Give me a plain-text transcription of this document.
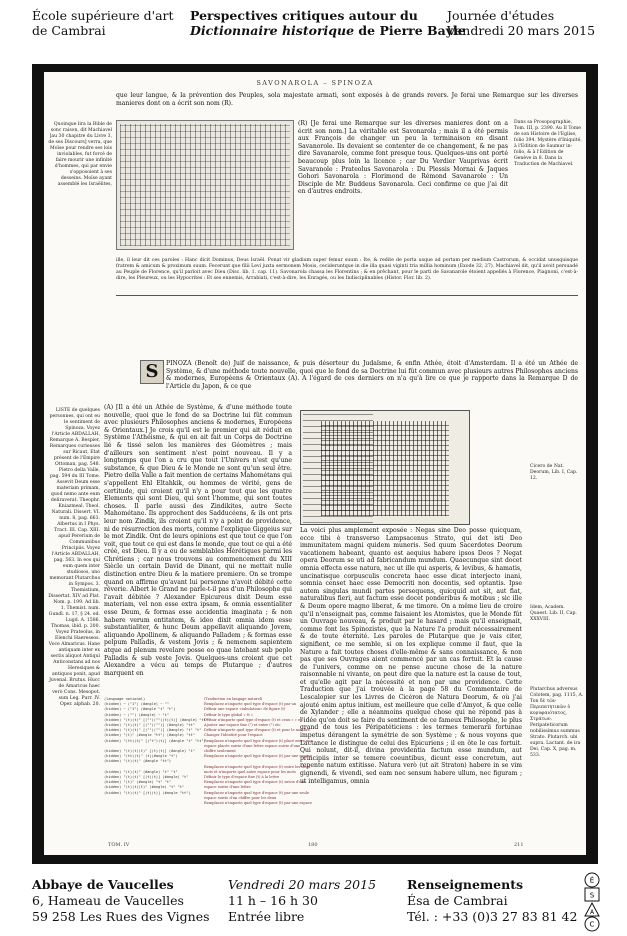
École supérieure d'art
de Cambrai
Perspectives critiques autour du
Dictionnaire historique de Pierre Bayle
Journée d'études
Vendredi 20 mars 2015
SAVONAROLA – SPINOZA
que leur langue, & la prévention des Peuples, sola majestate armati, sont exposés à de grands revers. Je ferai une Remarque sur les diverses manieres dont on a écrit son nom (R).
Quoinque lira la Bible de sonc raison, dit Machiavel [au 30 chapitre du Livre 3, de ses Discours] verra, que Moïse pour rendre ses lois inviolables, fut forcé de faire mourir une infinité d'hommes, qui par envie s'opposoient à ses desseins. Moïse ayant assemblé les Israëlites,
(R) [Je ferai une Remarque sur les diverses manieres dont on a écrit son nom.] La véritable est Savonarola ; mais il a été permis aux François de changer un peu la terminaison en disant Savanorole. Ils devaient se contenter de ce changement, & ne pas dire Savanarole, comme font presque tous. Quelques-uns ont porté beaucoup plus loin la licence ; car Du Verdier Vauprivas écrit Savaranole : Prateolus Savonarola : Du Plessis Mornai & Jaques Gohori Savonarola : Florimond de Rémond Savanarole : Un Disciple de Mr. Buddeus Savonarola. Ceci confirme ce que j'ai dit en d'autres endroits.
Dans sa Prosopographie, Tom. III, p. 2390. Au II Tome de son Histoire de l'Eglise, folio 394. Mystère d'Iniquité, à l'Edition de Saumur in-folio, & à l'Edition de Genève in 8. Dans la Traduction de Machiavel.
ille, il leur dit ces paroles : Hanc dicit Dominus, Deus Israël. Ponat vir gladium super femur suum : Ite, & redite de porta usque ad portam per medium Castrorum, & occidat unusquisque fratrem & amicum & proximum suum. Fecerunt que filii Levi juxta sermonem Mosis, cecideruntque in die illa quasi viginti tria millia hominum (Exode 32, 27). Machiavel dit, qu'il avoit persuadé au Peuple de Florence, qu'il parloit avec Dieu (Disc. lib. 1. cap. 11). Savonarola chassa les Florentins ; & en prêchant, pour le parti de Savanarole étoient appellés à Florence, Piagnoni, c'est-à-dire, les Pleureux, ou les Hypocrites : Et ses ennemis, Arrabiati, c'est-à-dire, les Enragés, ou les Indisciplinables (Histor. Flor. lib. 2).
S	PINOZA (Benoît de) Juif de naissance, & puis déserteur du Judaïsme, & enfin Athée, étoit d'Amsterdam. Il a été un Athée de Système, & d'une méthode toute nouvelle, quoi que le fond de sa Doctrine lui fût commun avec plusieurs autres Philosophes anciens & modernes, Européens & Orientaux (A). A l'égard de ces derniers on n'a qu'à lire ce que je rapporte dans la Remarque D de l'Article du Japon, & ce que
LISTE de quelques personnes, qui ont eu le sentiment de Spinoza. Voyez l'Article ABDALLAH, Remarque A. Bespier, Remarques curieuses sur Ricaut, Etat présent de l'Empire Ottoman, pag. 548. Pietro della Valle, pag. 594 du III Tome. Assevit Deum esse materiam primam, quod nemo ante eum deliraverat. Theophr. Kniazmeal. Theol. Naturali. Dissert. VI. num. 8, pag. 663. Albertus in I Phys. Tract. III. Cap. XIII. apud Pererium de Communibus Principiis. Voyez l'Article ABDALLAH, pag. 563. In eos qui eum quem inter studiosos, uno memorant Plutarchus in Sympos. 3. Themistium, Dissertat. XIV ad Plat. Nom. p. 199. Ad lib. 1. Themist. num. Gundl. n. 17, § 24. ed. Lugd. A. 1586. Thomas, ibid. p. 200. Voyez Prateolus, in Elenchi Haereseos. Voce Almaricus. Hane antiquam inter ex sectis aliquot Antiqui Anticonstans ad nos Heresiques & antiquos ponit, apud Juvenal. Brutus. Hucc de Amaricus haec verò Cons. Mesopot. sum Leg. Purr. IV. Oper. alphab. 20.
(A) [Il a été un Athée de Système, & d'une méthode toute nouvelle, quoi que le fond de sa Doctrine lui fût commun avec plusieurs Philosophes anciens & modernes, Européens & Orientaux.] Je crois qu'il est le premier qui ait réduit en Système l'Athéisme, & qui en ait fait un Corps de Doctrine lié & tissé selon les manières des Géomètres ; mais d'ailleurs son sentiment n'est point nouveau. Il y a longtemps que l'on a cru que tout l'Univers n'est qu'une substance, & que Dieu & le Monde ne sont qu'un seul être. Pietro della Valle a fait mention de certains Mahométans qui s'appellent Ehl Eltahkik, ou hommes de vérité, gens de certitude, qui croient qu'il n'y a pour tout que les quatre Elements qui sont Dieu, qui sont l'homme, qui sont toutes choses. Il parle aussi des Zindikites, autre Secte Mahométane. Ils approchent des Sadducéens, & ils ont pris leur nom Zindik, ils croient qu'il n'y a point de providence, ni de résurrection des morts, comme l'explique Giggeius sur le mot Zindik. Ont de leurs opinions est que tout ce que l'on voit, que tout ce qui est dans le monde, que tout ce qui a été créé, est Dieu. Il y a eu de semblables Hérétiques parmi les Chrétiens ; car nous trouvons au commencement du XIII Siècle un certain David de Dinant, qui ne mettait nulle distinction entre Dieu & la matiere premiere. On se trompe quand on affirme qu'avant lui personne n'avoit débité cette rêverie. Albert le Grand ne parle-t-il pas d'un Philosophe qui l'avait débitée ? Alexander Epicureus dixit Deum esse materiam, vel non esse extra ipsam, & omnia essentialiter esse Deum, & formas esse accidentia imaginata ; & non habere verum entitatem, & ideo dixit omnia idem esse substantialiter, & hunc Deum appellavit aliquando Jovem, aliquando Apollinem, & aliquando Palladem ; & formas esse pelpum Palladis, & vestem Jovis ; & nemenem sapientem atque ad plenum revelare posse eo quae latebant sub peplo Palladis & sub veste Jovis. Quelques-uns croient que cet Alexandre a vécu au temps de Plutarque ; d'autres marquent en
Cicero de Nat. Deorum, Lib. I, Cap. 12.
La voici plus amplement exposée : Negas sine Deo posse quicquam, ecce tibi è transverso Lampsacenus Strato, qui det isti Deo immunitatem magni quidem muneris. Sed quum Sacerdotes Deorum vacationem habeant, quanto est aequius habere ipsos Deos ? Negat opera Deorum se uti ad fabricandum mundum. Quaecunque sint docet omnia effecta esse natura, nec ut ille qui asperis, & levibus, & hamatis, uncinatisque corpusculis concreta haec esse dicat interjecto inani, somnia censet haec esse Democriti non docentis, sed optantis. Ipse autem singulas mundi partes persequens, quicquid aut sit, aut fiat, naturalibus fieri, aut factum esse docet ponderibus & motibus ; sic ille & Deum opere magno liberat, & me timore. On a même lieu de croire qu'il n'enseignait pas, comme faisaient les Atomistes, que le Monde fût un Ouvrage nouveau, & produit par le hasard ; mais qu'il enseignait, comme font les Spinozistes, que la Nature l'a produit nécessairement & de toute éternité. Les paroles de Plutarque que je vais citer, signifient, ce me semble, si on les explique comme il faut, que la Nature a fait toutes choses d'elle-même & sans connaissance, & non pas que ses Ouvrages aient commencé par un cas fortuit. Et la cause de l'univers, comme on ne pense aucune chose de la nature raisonnable ni vivante, on peut dire que la nature est la cause de tout, et qu'elle agit par la nécessité et non par une providence. Cette Traduction que j'ai trouvée à la page 58 du Commentaire de Lescalopier sur les Livres de Cicéron de Natura Deorum, & où j'ai ajouté enim aptus initium, est meilleure que celle d'Amyot, & que celle de Xylander ; elle a néanmoins quelque chose qui ne répond pas à l'idée qu'on doit se faire du sentiment de ce fameux Philosophe, le plus grand de tous les Péripatéticiens : les termes temerarii fortunae impetus dérangent la symétrie de son Système ; & nous voyons que Lactance le distingue de celui des Epicuriens ; il en ôte le cas fortuit. Qui nolunt, dit-il, divina providentia factum esse mundum, aut principiis inter se temere coeuntibus, dicunt esse concretum, aut repente natum extitisse. Natura verò (ut ait Straton) habere in se vim gignendi, & vivendi, sed eam nec sensum habere ullum, nec figuram ; ut intelligamus, omnia
Idem, Academ. Quaest. Lib. II, Cap. XXXVIII.
Plutarchus adversus Colotem, pag. 1115, A. Ton δὲ τῶν Περιπατητικῶν ὁ κορυφαιότατος, Στράτων. Peripateticorum nobilissimus summus Strato. Plutarch. ubi supra. Lactant. de ira Dei, Cap. X, pag. m. 533.
(language notional)
(hidden) ~ ("1") (#angle) ~ ""
(hidden) ~ ("1") (#angle "t" "t")
(hidden) ~ ("") (#angle) ~ "t"
(hidden) "(t)(t)" [("")("")(t)(t)] (#angle) "tt"
(hidden) "(t)(t)" [("")("")] (#angle) "tt"
(hidden) "(t)(t)" [("")("")] (#angle) "t" "t"
(hidden) "(t)" (#angle "tt") (#angle) "tt"
(hidden) "(tt)(t)" [("t")(t)] (#angle "t" "tt")

(hidden) "(t)(t)(t)" [(t)(t)] (#angle) "t"
(hidden) "(tt)(t)" (t)(#angle "t")
(hidden) "(t)(t)" (#angle "tt")

(hidden) "(t)(t)" (#angle) "t" "t"
(hidden) "(t)(t)" [(t)(t)] (#angle) "t"
(hidden) "(t)" (#angle) "t" "t"
(hidden) "(t)(t)(t)" (#angle) "t" "t"
(hidden) "(t)(t)" [(t)(t)] (#angle "tt")
(Traduction en langage naturel)
Remplacez n'importe quel type d'espace (t) par un
Définir une espace «tabulation» de figure (t)
Définir le type global « tt »
Définir n'importe quel type d'espace (t) et ceux « » etc
Ajouter une espace fine (") et entre (") etc
Définir n'importe quel type d'espace (t) et pour le nombre
Changer l'identité pour l'espace
Remplacez n'importe quel type d'espace (t) placé entre une
espace placée suivie d'une lettre espace suivie d'une
chiffre seulement
Remplacez n'importe quel type d'espace (t) par une espace

Remplacez n'importe quel type d'espace (t) entre les deux
mots et n'importe quel autre espace pour les mots
Définir le type d'espace fine (t) à la lettre
Remplacez n'importe quel type d'espace (t) suivie d'une
espace suivie d'une lettre
Remplacez n'importe quel type d'espace (t) par une seule
espace suivie d'un chiffre pour les deux
Remplacez n'importe quel type d'espace (t) par une espace
TOM. IV	180	211
Abbaye de Vaucelles
6, Hameau de Vaucelles
59 258 Les Rues des Vignes
Vendredi 20 mars 2015
11 h – 16 h 30
Entrée libre
Renseignements
Ésa de Cambrai
Tél. : +33 (0)3 27 83 81 42
É
S
A
C
